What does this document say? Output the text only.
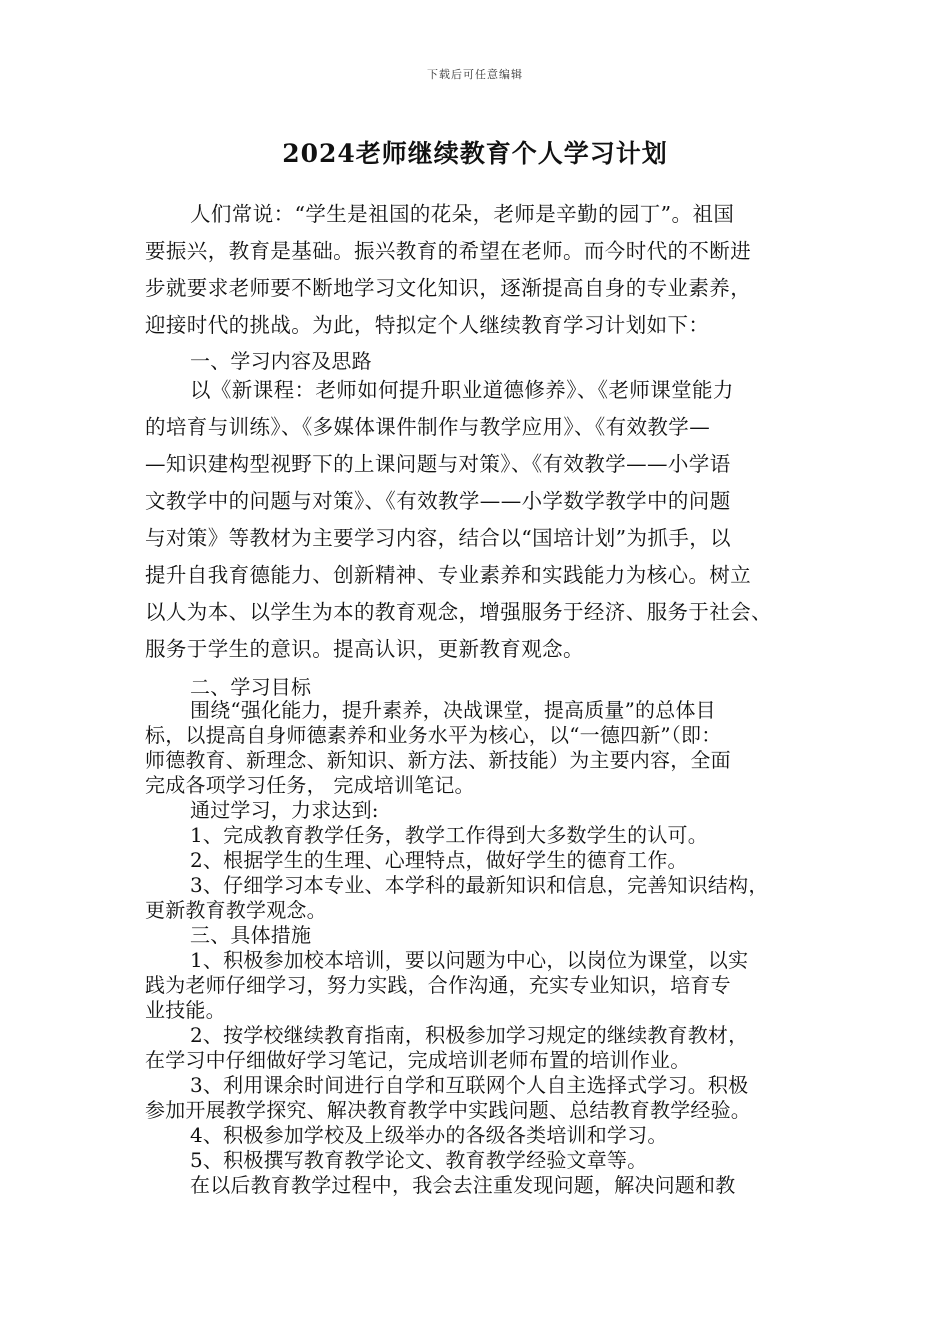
下载后可任意编辑
2024老师继续教育个人学习计划
人们常说：“学生是祖国的花朵，老师是辛勤的园丁”。祖国
要振兴，教育是基础。振兴教育的希望在老师。而今时代的不断进
步就要求老师要不断地学习文化知识，逐渐提高自身的专业素养，
迎接时代的挑战。为此，特拟定个人继续教育学习计划如下：
一、学习内容及思路
以《新课程：老师如何提升职业道德修养》、《老师课堂能力
的培育与训练》、《多媒体课件制作与教学应用》、《有效教学—
—知识建构型视野下的上课问题与对策》、《有效教学——小学语
文教学中的问题与对策》、《有效教学——小学数学教学中的问题
与对策》等教材为主要学习内容，结合以“国培计划”为抓手，以
提升自我育德能力、创新精神、专业素养和实践能力为核心。树立
以人为本、以学生为本的教育观念，增强服务于经济、服务于社会、
服务于学生的意识。提高认识，更新教育观念。
二、学习目标
围绕“强化能力，提升素养，决战课堂，提高质量”的总体目
标，以提高自身师德素养和业务水平为核心，以“一德四新”（即：
师德教育、新理念、新知识、新方法、新技能）为主要内容，全面
完成各项学习任务， 完成培训笔记。
通过学习，力求达到:
1、完成教育教学任务，教学工作得到大多数学生的认可。
2、根据学生的生理、心理特点，做好学生的德育工作。
3、仔细学习本专业、本学科的最新知识和信息，完善知识结构，
更新教育教学观念。
三、具体措施
1、积极参加校本培训，要以问题为中心，以岗位为课堂，以实
践为老师仔细学习，努力实践，合作沟通，充实专业知识，培育专
业技能。
2、按学校继续教育指南，积极参加学习规定的继续教育教材，
在学习中仔细做好学习笔记，完成培训老师布置的培训作业。
3、利用课余时间进行自学和互联网个人自主选择式学习。积极
参加开展教学探究、解决教育教学中实践问题、总结教育教学经验。
4、积极参加学校及上级举办的各级各类培训和学习。
5、积极撰写教育教学论文、教育教学经验文章等。
在以后教育教学过程中，我会去注重发现问题，解决问题和教
